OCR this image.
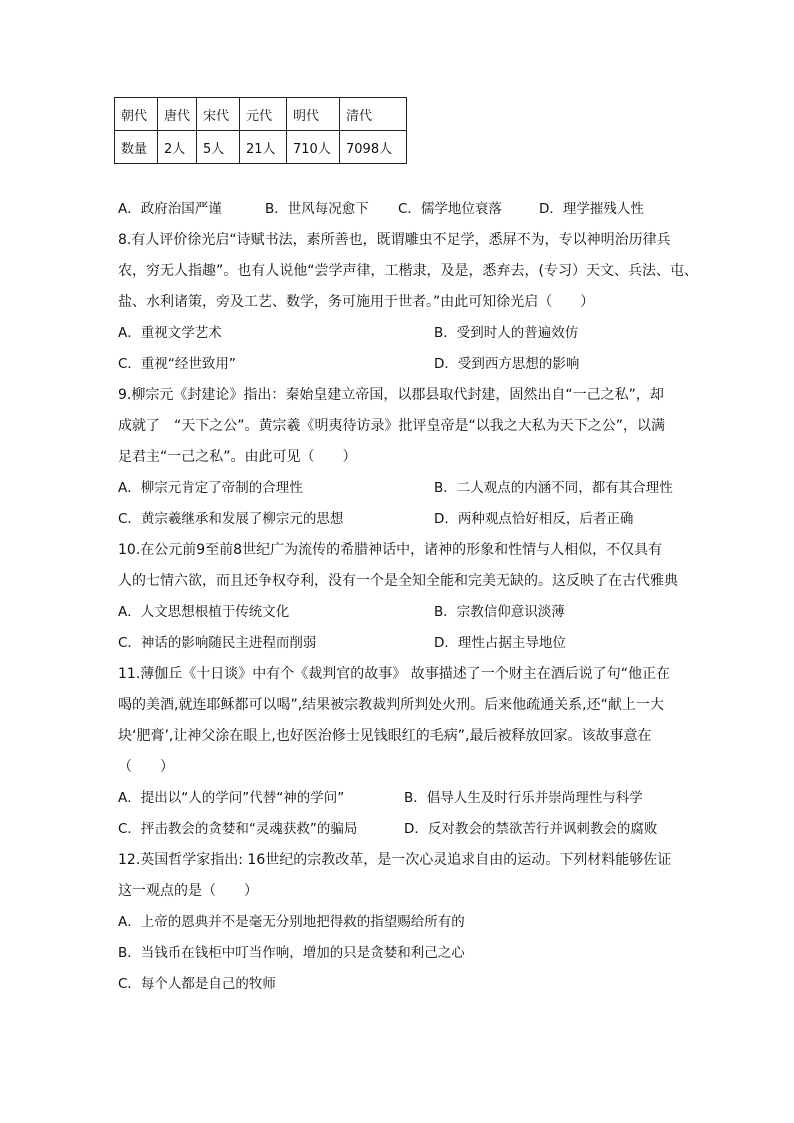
朝代	唐代	宋代	元代	明代	清代
数量	2人	5人	21人	710人	7098人
A．政府治国严谨	B．世风每况愈下 C．儒学地位衰落	D．理学摧残人性
8.有人评价徐光启“诗赋书法，素所善也，既谓雕虫不足学，悉屏不为，专以神明治历律兵
农，穷无人指趣”。也有人说他“尝学声律，工楷隶，及是，悉弃去，(专习）天文、兵法、屯、
盐、水利诸策，旁及工艺、数学，务可施用于世者。”由此可知徐光启（　　）
A．重视文学艺术	B．受到时人的普遍效仿
C．重视“经世致用”	D．受到西方思想的影响
9.柳宗元《封建论》指出：秦始皇建立帝国，以郡县取代封建，固然出自“一己之私”，却
成就了　“天下之公”。黄宗羲《明夷待访录》批评皇帝是“以我之大私为天下之公”，以满
足君主“一己之私”。由此可见（　　）
A．柳宗元肯定了帝制的合理性	B．二人观点的内涵不同，都有其合理性
C．黄宗羲继承和发展了柳宗元的思想	D．两种观点恰好相反，后者正确
10.在公元前9至前8世纪广为流传的希腊神话中，诸神的形象和性情与人相似，不仅具有
人的七情六欲，而且还争权夺利，没有一个是全知全能和完美无缺的。这反映了在古代雅典
A．人文思想根植于传统文化	B．宗教信仰意识淡薄
C．神话的影响随民主进程而削弱	D．理性占据主导地位
11.薄伽丘《十日谈》中有个《裁判官的故事》 故事描述了一个财主在酒后说了句“他正在
喝的美酒,就连耶稣都可以喝”,结果被宗教裁判所判处火刑。后来他疏通关系,还“献上一大
块‘肥膏’,让神父涂在眼上,也好医治修士见钱眼红的毛病”,最后被释放回家。该故事意在
（　　）
A．提出以“人的学问”代替“神的学问”	B．倡导人生及时行乐并崇尚理性与科学
C．抨击教会的贪婪和“灵魂获救”的骗局	D．反对教会的禁欲苦行并讽刺教会的腐败
12.英国哲学家指出: 16世纪的宗教改革，是一次心灵追求自由的运动。下列材料能够佐证
这一观点的是（　　）
A．上帝的恩典并不是毫无分别地把得救的指望赐给所有的
B．当钱币在钱柜中叮当作响，增加的只是贪婪和利己之心
C．每个人都是自己的牧师
